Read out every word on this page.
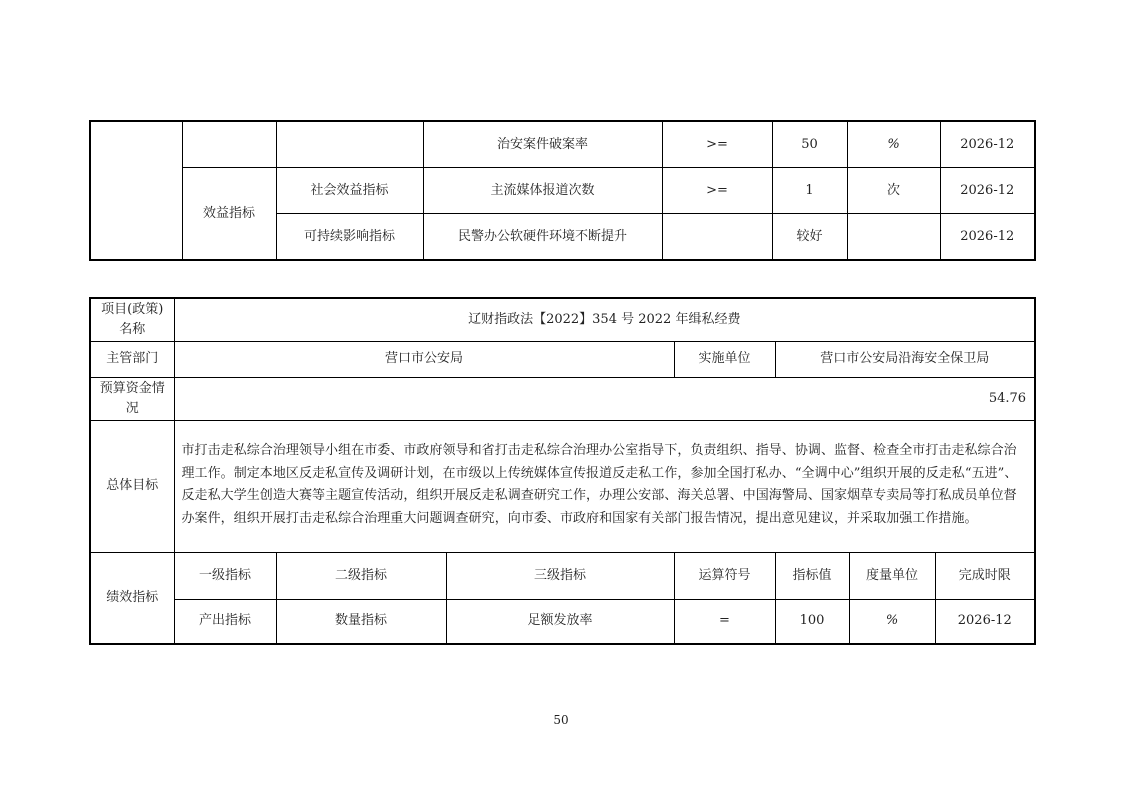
			治安案件破案率	>=	50	%	2026-12
	效益指标	社会效益指标	主流媒体报道次数	>=	1	次	2026-12
		可持续影响指标	民警办公软硬件环境不断提升		较好		2026-12
项目(政策)名称	辽财指政法【2022】354 号 2022 年缉私经费						
主管部门	营口市公安局			实施单位	营口市公安局沿海安全保卫局		
预算资金情况	54.76						
总体目标	市打击走私综合治理领导小组在市委、市政府领导和省打击走私综合治理办公室指导下，负责组织、指导、协调、监督、检查全市打击走私综合治理工作。制定本地区反走私宣传及调研计划，在市级以上传统媒体宣传报道反走私工作，参加全国打私办、“全调中心”组织开展的反走私“五进”、反走私大学生创造大赛等主题宣传活动，组织开展反走私调查研究工作，办理公安部、海关总署、中国海警局、国家烟草专卖局等打私成员单位督办案件，组织开展打击走私综合治理重大问题调查研究，向市委、市政府和国家有关部门报告情况，提出意见建议，并采取加强工作措施。						
绩效指标	一级指标	二级指标	三级指标	运算符号	指标值	度量单位	完成时限
	产出指标	数量指标	足额发放率	=	100	%	2026-12
50
